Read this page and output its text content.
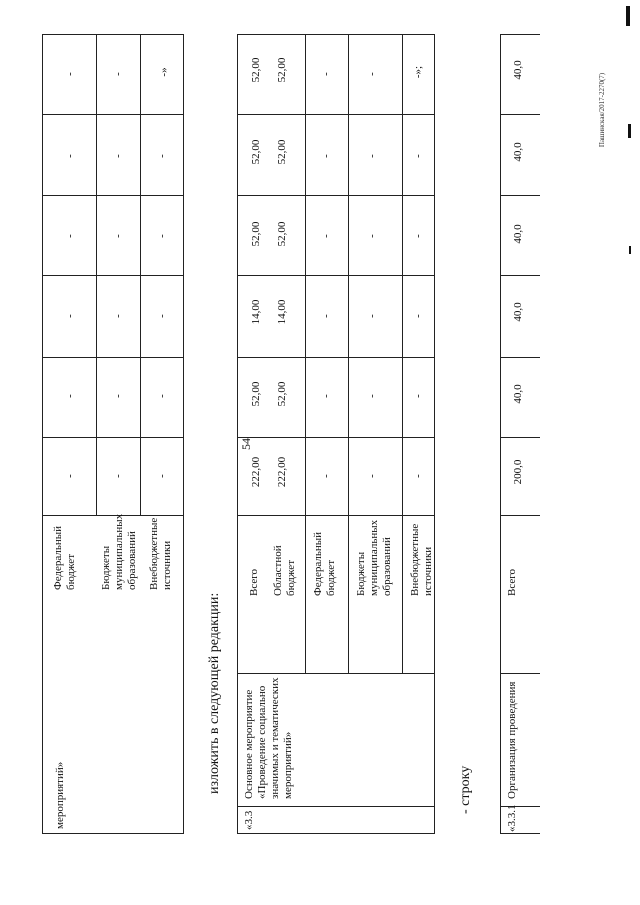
54
мероприятий»
Федеральный
бюджет Бюджеты
муниципальных
образований Внебюджетные
источники
-
-
-
-
-
-
-
-
-
-
-
-
-
-
-
-
-
-»
изложить в следующей редакции:
«3.3
Основное мероприятие
«Проведение социально
значимых и тематических
мероприятий»
Всего Областной
бюджет Федеральный
бюджет Бюджеты
муниципальных
образований Внебюджетные
источники
222,00
52,00
14,00
52,00
52,00
52,00
222,00
52,00
14,00
52,00
52,00
52,00
-
-
-
-
-
-
-
-
-
-
-
-
-
-
-
-
-
-»;
- строку
«3.3.1
Организация проведения
Всего
200,0
40,0
40,0
40,0
40,0
40,0
Пашинская/2017-2270(7)
